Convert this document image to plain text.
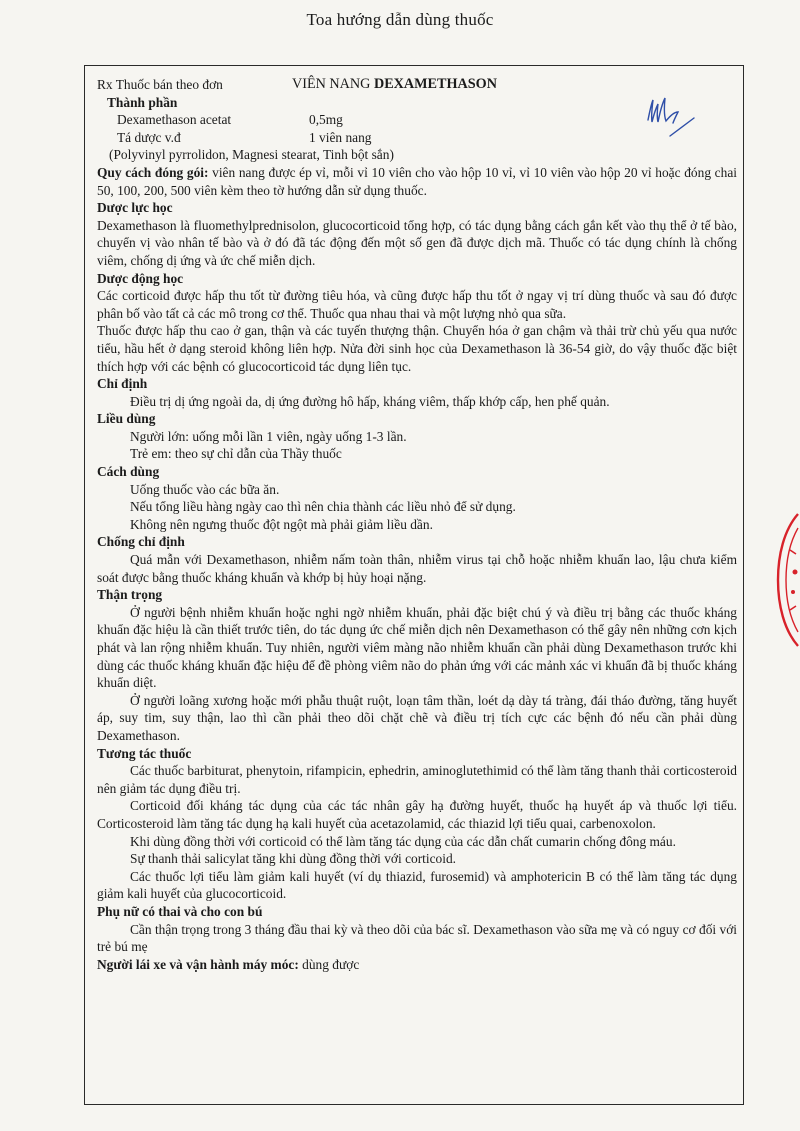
Toa hướng dẫn dùng thuốc
Rx Thuốc bán theo đơn	VIÊN NANG DEXAMETHASON
Thành phần
Dexamethason acetat	0,5mg
Tá dược v.đ	1 viên nang
(Polyvinyl pyrrolidon, Magnesi stearat, Tinh bột sắn)
Quy cách đóng gói: viên nang được ép vỉ, mỗi vỉ 10 viên cho vào hộp 10 vỉ, vỉ 10 viên vào hộp 20 vỉ hoặc đóng chai 50, 100, 200, 500 viên kèm theo tờ hướng dẫn sử dụng thuốc.
Dược lực học
Dexamethason là fluomethylprednisolon, glucocorticoid tổng hợp, có tác dụng bằng cách gắn kết vào thụ thể ở tế bào, chuyển vị vào nhân tế bào và ở đó đã tác động đến một số gen đã được dịch mã. Thuốc có tác dụng chính là chống viêm, chống dị ứng và ức chế miễn dịch.
Dược động học
Các corticoid được hấp thu tốt từ đường tiêu hóa, và cũng được hấp thu tốt ở ngay vị trí dùng thuốc và sau đó được phân bố vào tất cả các mô trong cơ thể. Thuốc qua nhau thai và một lượng nhỏ qua sữa.
Thuốc được hấp thu cao ở gan, thận và các tuyến thượng thận. Chuyển hóa ở gan chậm và thải trừ chủ yếu qua nước tiểu, hầu hết ở dạng steroid không liên hợp. Nửa đời sinh học của Dexamethason là 36-54 giờ, do vậy thuốc đặc biệt thích hợp với các bệnh có glucocorticoid tác dụng liên tục.
Chỉ định
Điều trị dị ứng ngoài da, dị ứng đường hô hấp, kháng viêm, thấp khớp cấp, hen phế quản.
Liều dùng
Người lớn: uống mỗi lần 1 viên, ngày uống 1-3 lần.
Trẻ em: theo sự chỉ dẫn của Thầy thuốc
Cách dùng
Uống thuốc vào các bữa ăn.
Nếu tổng liều hàng ngày cao thì nên chia thành các liều nhỏ để sử dụng.
Không nên ngưng thuốc đột ngột mà phải giảm liều dần.
Chống chỉ định
Quá mẫn với Dexamethason, nhiễm nấm toàn thân, nhiễm virus tại chỗ hoặc nhiễm khuẩn lao, lậu chưa kiểm soát được bằng thuốc kháng khuẩn và khớp bị hủy hoại nặng.
Thận trọng
Ở người bệnh nhiễm khuẩn hoặc nghi ngờ nhiễm khuẩn, phải đặc biệt chú ý và điều trị bằng các thuốc kháng khuẩn đặc hiệu là cần thiết trước tiên, do tác dụng ức chế miễn dịch nên Dexamethason có thể gây nên những cơn kịch phát và lan rộng nhiễm khuẩn. Tuy nhiên, người viêm màng não nhiễm khuẩn cần phải dùng Dexamethason trước khi dùng các thuốc kháng khuẩn đặc hiệu để đề phòng viêm não do phản ứng với các mảnh xác vi khuẩn đã bị thuốc kháng khuẩn diệt.
Ở người loãng xương hoặc mới phẫu thuật ruột, loạn tâm thần, loét dạ dày tá tràng, đái tháo đường, tăng huyết áp, suy tim, suy thận, lao thì cần phải theo dõi chặt chẽ và điều trị tích cực các bệnh đó nếu cần phải dùng Dexamethason.
Tương tác thuốc
Các thuốc barbiturat, phenytoin, rifampicin, ephedrin, aminoglutethimid có thể làm tăng thanh thải corticosteroid nên giảm tác dụng điều trị.
Corticoid đối kháng tác dụng của các tác nhân gây hạ đường huyết, thuốc hạ huyết áp và thuốc lợi tiểu. Corticosteroid làm tăng tác dụng hạ kali huyết của acetazolamid, các thiazid lợi tiểu quai, carbenoxolon.
Khi dùng đồng thời với corticoid có thể làm tăng tác dụng của các dẫn chất cumarin chống đông máu.
Sự thanh thải salicylat tăng khi dùng đồng thời với corticoid.
Các thuốc lợi tiểu làm giảm kali huyết (ví dụ thiazid, furosemid) và amphotericin B có thể làm tăng tác dụng giảm kali huyết của glucocorticoid.
Phụ nữ có thai và cho con bú
Cần thận trọng trong 3 tháng đầu thai kỳ và theo dõi của bác sĩ. Dexamethason vào sữa mẹ và có nguy cơ đối với trẻ bú mẹ
Người lái xe và vận hành máy móc: dùng được
